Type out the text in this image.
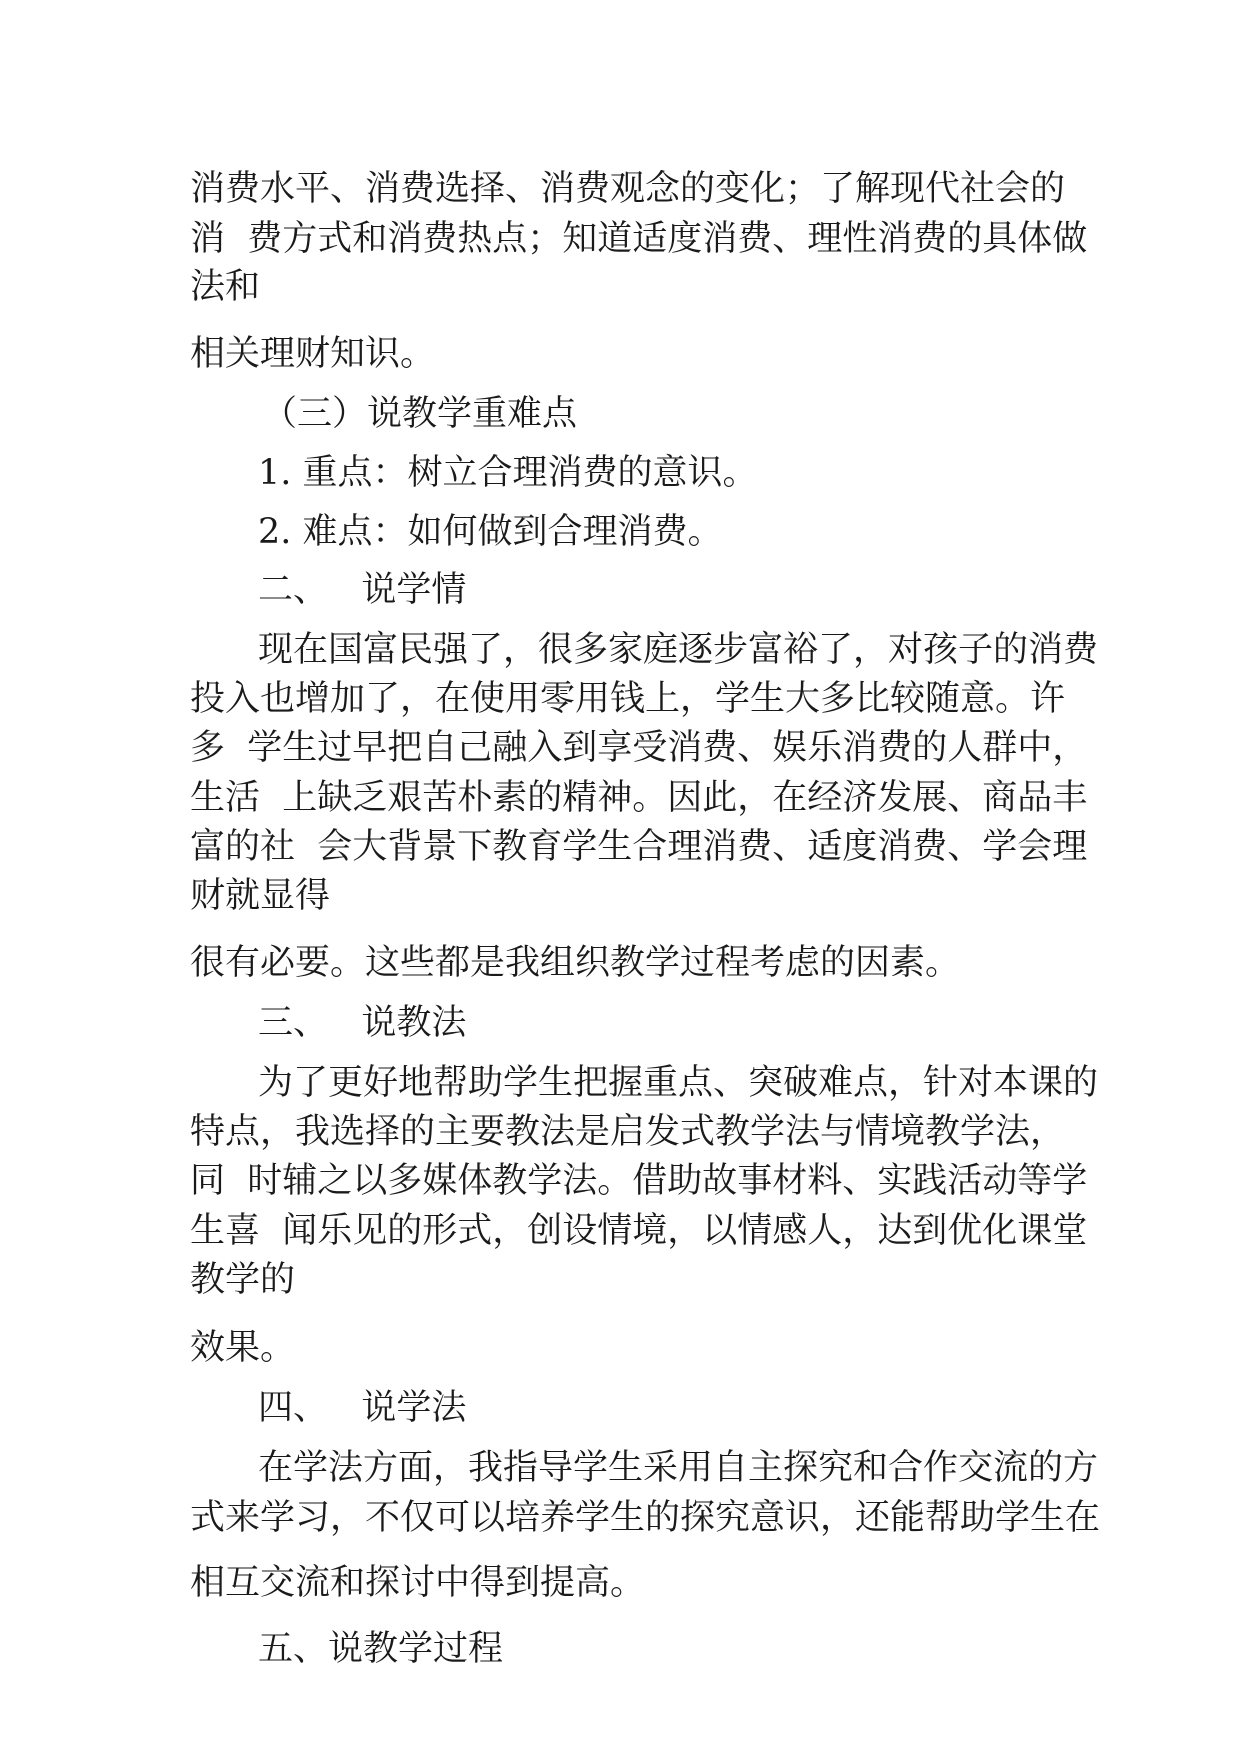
消费水平、消费选择、消费观念的变化；了解现代社会的

消  费方式和消费热点；知道适度消费、理性消费的具体做

法和

相关理财知识。

（三）说教学重难点

1. 重点：树立合理消费的意识。

2. 难点：如何做到合理消费。

二、   说学情

现在国富民强了，很多家庭逐步富裕了，对孩子的消费

投入也增加了，在使用零用钱上，学生大多比较随意。许

多  学生过早把自己融入到享受消费、娱乐消费的人群中，

生活  上缺乏艰苦朴素的精神。因此，在经济发展、商品丰

富的社  会大背景下教育学生合理消费、适度消费、学会理

财就显得

很有必要。这些都是我组织教学过程考虑的因素。

三、   说教法

为了更好地帮助学生把握重点、突破难点，针对本课的

特点，我选择的主要教法是启发式教学法与情境教学法，

同  时辅之以多媒体教学法。借助故事材料、实践活动等学

生喜  闻乐见的形式，创设情境，以情感人，达到优化课堂

教学的

效果。

四、   说学法

在学法方面，我指导学生采用自主探究和合作交流的方

式来学习，不仅可以培养学生的探究意识，还能帮助学生在

相互交流和探讨中得到提高。

五、说教学过程
